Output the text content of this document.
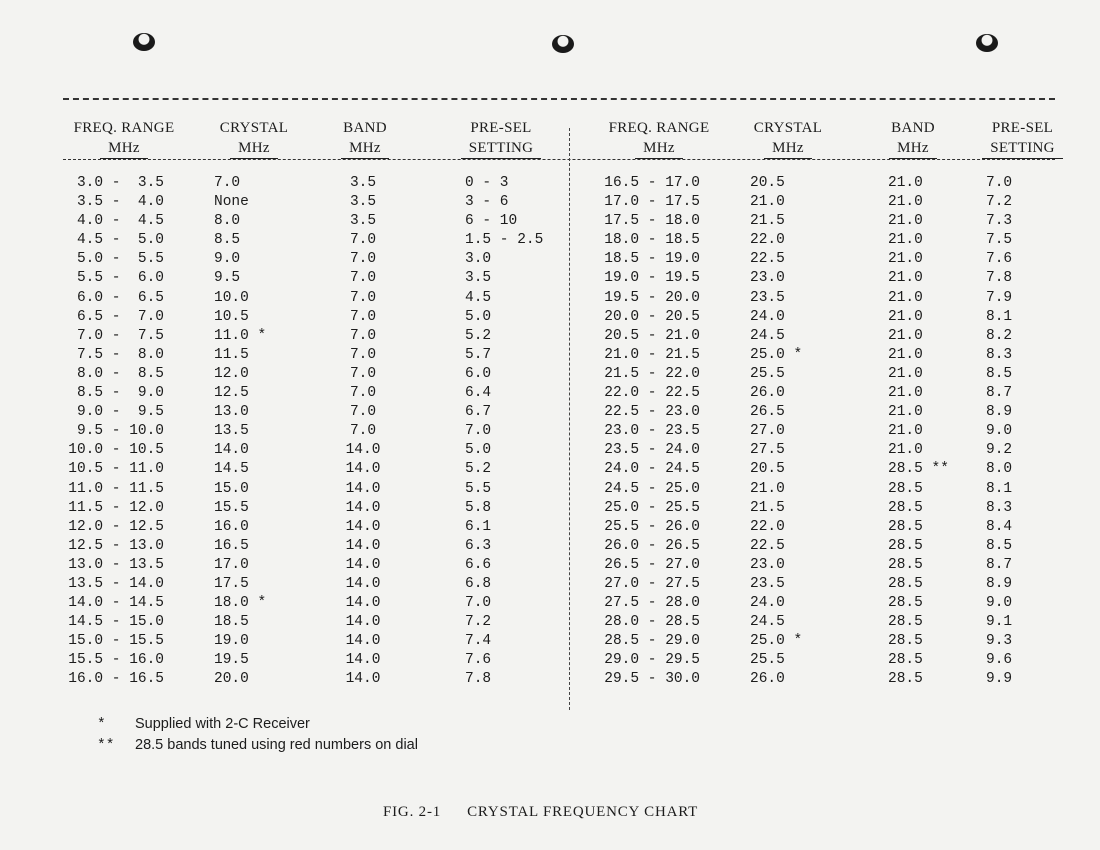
FREQ. RANGE
MHz
CRYSTAL
MHz
BAND
MHz
PRE-SEL
SETTING
FREQ. RANGE
MHz
CRYSTAL
MHz
BAND
MHz
PRE-SEL
SETTING
3.0 -  3.5
3.5 -  4.0
4.0 -  4.5
4.5 -  5.0
5.0 -  5.5
5.5 -  6.0
6.0 -  6.5
6.5 -  7.0
7.0 -  7.5
7.5 -  8.0
8.0 -  8.5
8.5 -  9.0
9.0 -  9.5
9.5 - 10.0
10.0 - 10.5
10.5 - 11.0
11.0 - 11.5
11.5 - 12.0
12.0 - 12.5
12.5 - 13.0
13.0 - 13.5
13.5 - 14.0
14.0 - 14.5
14.5 - 15.0
15.0 - 15.5
15.5 - 16.0
16.0 - 16.5
7.0
None
8.0
8.5
9.0
9.5
10.0
10.5
11.0 *
11.5
12.0
12.5
13.0
13.5
14.0
14.5
15.0
15.5
16.0
16.5
17.0
17.5
18.0 *
18.5
19.0
19.5
20.0
3.5
3.5
3.5
7.0
7.0
7.0
7.0
7.0
7.0
7.0
7.0
7.0
7.0
7.0
14.0
14.0
14.0
14.0
14.0
14.0
14.0
14.0
14.0
14.0
14.0
14.0
14.0
0 - 3
3 - 6
6 - 10
1.5 - 2.5
3.0
3.5
4.5
5.0
5.2
5.7
6.0
6.4
6.7
7.0
5.0
5.2
5.5
5.8
6.1
6.3
6.6
6.8
7.0
7.2
7.4
7.6
7.8
16.5 - 17.0
17.0 - 17.5
17.5 - 18.0
18.0 - 18.5
18.5 - 19.0
19.0 - 19.5
19.5 - 20.0
20.0 - 20.5
20.5 - 21.0
21.0 - 21.5
21.5 - 22.0
22.0 - 22.5
22.5 - 23.0
23.0 - 23.5
23.5 - 24.0
24.0 - 24.5
24.5 - 25.0
25.0 - 25.5
25.5 - 26.0
26.0 - 26.5
26.5 - 27.0
27.0 - 27.5
27.5 - 28.0
28.0 - 28.5
28.5 - 29.0
29.0 - 29.5
29.5 - 30.0
20.5
21.0
21.5
22.0
22.5
23.0
23.5
24.0
24.5
25.0 *
25.5
26.0
26.5
27.0
27.5
20.5
21.0
21.5
22.0
22.5
23.0
23.5
24.0
24.5
25.0 *
25.5
26.0
21.0
21.0
21.0
21.0
21.0
21.0
21.0
21.0
21.0
21.0
21.0
21.0
21.0
21.0
21.0
28.5 **
28.5
28.5
28.5
28.5
28.5
28.5
28.5
28.5
28.5
28.5
28.5
7.0
7.2
7.3
7.5
7.6
7.8
7.9
8.1
8.2
8.3
8.5
8.7
8.9
9.0
9.2
8.0
8.1
8.3
8.4
8.5
8.7
8.9
9.0
9.1
9.3
9.6
9.9
* Supplied with 2-C Receiver
** 28.5 bands tuned using red numbers on dial
FIG. 2-1 CRYSTAL FREQUENCY CHART
